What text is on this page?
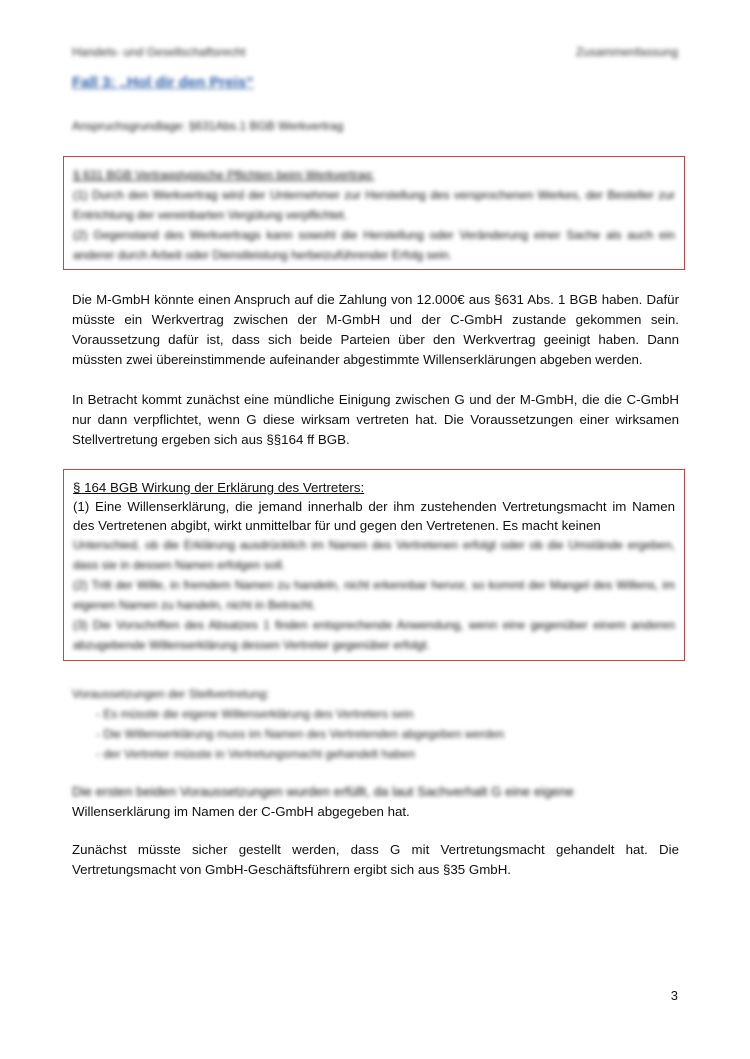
Handels- und Gesellschaftsrecht	Zusammenfassung
Fall 3: „Hol dir den Preis“
Anspruchsgrundlage: §631Abs.1 BGB Werkvertrag
§ 631 BGB Vertragstypische Pflichten beim Werkvertrag:
(1) Durch den Werkvertrag wird der Unternehmer zur Herstellung des versprochenen Werkes, der Besteller zur Entrichtung der vereinbarten Vergütung verpflichtet.
(2) Gegenstand des Werkvertrags kann sowohl die Herstellung oder Veränderung einer Sache als auch ein anderer durch Arbeit oder Dienstleistung herbeizuführender Erfolg sein.
Die M-GmbH könnte einen Anspruch auf die Zahlung von 12.000€ aus §631 Abs. 1 BGB haben. Dafür müsste ein Werkvertrag zwischen der M-GmbH und der C-GmbH zustande gekommen sein. Voraussetzung dafür ist, dass sich beide Parteien über den Werkvertrag geeinigt haben. Dann müssten zwei übereinstimmende aufeinander abgestimmte Willenserklärungen abgeben werden.
In Betracht kommt zunächst eine mündliche Einigung zwischen G und der M-GmbH, die die C-GmbH nur dann verpflichtet, wenn G diese wirksam vertreten hat. Die Voraussetzungen einer wirksamen Stellvertretung ergeben sich aus §§164 ff BGB.
§ 164 BGB Wirkung der Erklärung des Vertreters:
(1) Eine Willenserklärung, die jemand innerhalb der ihm zustehenden Vertretungsmacht im Namen des Vertretenen abgibt, wirkt unmittelbar für und gegen den Vertretenen. Es macht keinen
Unterschied, ob die Erklärung ausdrücklich im Namen des Vertretenen erfolgt oder ob die Umstände ergeben, dass sie in dessen Namen erfolgen soll.
(2) Tritt der Wille, in fremdem Namen zu handeln, nicht erkennbar hervor, so kommt der Mangel des Willens, im eigenen Namen zu handeln, nicht in Betracht.
(3) Die Vorschriften des Absatzes 1 finden entsprechende Anwendung, wenn eine gegenüber einem anderen abzugebende Willenserklärung dessen Vertreter gegenüber erfolgt.
Voraussetzungen der Stellvertretung:
- Es müsste die eigene Willenserklärung des Vertreters sein
- Die Willenserklärung muss im Namen des Vertretenden abgegeben werden
- der Vertreter müsste in Vertretungsmacht gehandelt haben
Die ersten beiden Voraussetzungen wurden erfüllt, da laut Sachverhalt G eine eigene
Willenserklärung im Namen der C-GmbH abgegeben hat.
Zunächst müsste sicher gestellt werden, dass G mit Vertretungsmacht gehandelt hat. Die Vertretungsmacht von GmbH-Geschäftsführern ergibt sich aus §35 GmbH.
3
